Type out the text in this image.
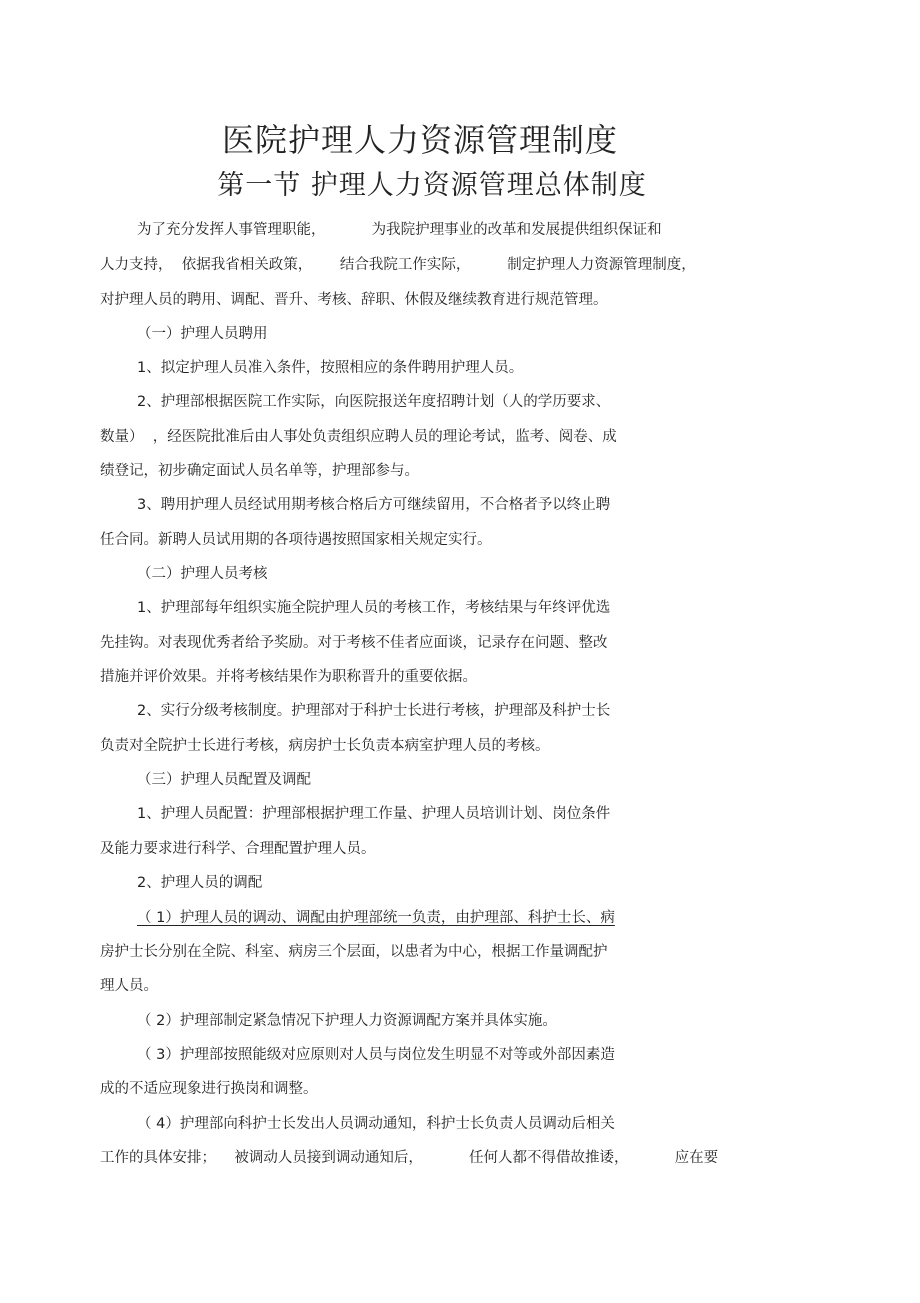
医院护理人力资源管理制度
第一节 护理人力资源管理总体制度
为了充分发挥人事管理职能，          为我院护理事业的改革和发展提供组织保证和
人力支持，  依据我省相关政策，      结合我院工作实际，        制定护理人力资源管理制度，
对护理人员的聘用、调配、晋升、考核、辞职、休假及继续教育进行规范管理。
（一）护理人员聘用
1、拟定护理人员准入条件，按照相应的条件聘用护理人员。
2、护理部根据医院工作实际，向医院报送年度招聘计划（人的学历要求、
数量）  ，经医院批准后由人事处负责组织应聘人员的理论考试，监考、阅卷、成
绩登记，初步确定面试人员名单等，护理部参与。
3、聘用护理人员经试用期考核合格后方可继续留用，不合格者予以终止聘
任合同。新聘人员试用期的各项待遇按照国家相关规定实行。
（二）护理人员考核
1、护理部每年组织实施全院护理人员的考核工作，考核结果与年终评优选
先挂钩。对表现优秀者给予奖励。对于考核不佳者应面谈，记录存在问题、整改
措施并评价效果。并将考核结果作为职称晋升的重要依据。
2、实行分级考核制度。护理部对于科护士长进行考核，护理部及科护士长
负责对全院护士长进行考核，病房护士长负责本病室护理人员的考核。
（三）护理人员配置及调配
1、护理人员配置：护理部根据护理工作量、护理人员培训计划、岗位条件
及能力要求进行科学、合理配置护理人员。
2、护理人员的调配
（ 1）护理人员的调动、调配由护理部统一负责，由护理部、科护士长、病
房护士长分别在全院、科室、病房三个层面，以患者为中心，根据工作量调配护
理人员。
（ 2）护理部制定紧急情况下护理人力资源调配方案并具体实施。
（ 3）护理部按照能级对应原则对人员与岗位发生明显不对等或外部因素造
成的不适应现象进行换岗和调整。
（ 4）护理部向科护士长发出人员调动通知，科护士长负责人员调动后相关
工作的具体安排；    被调动人员接到调动通知后，          任何人都不得借故推诿，          应在要
